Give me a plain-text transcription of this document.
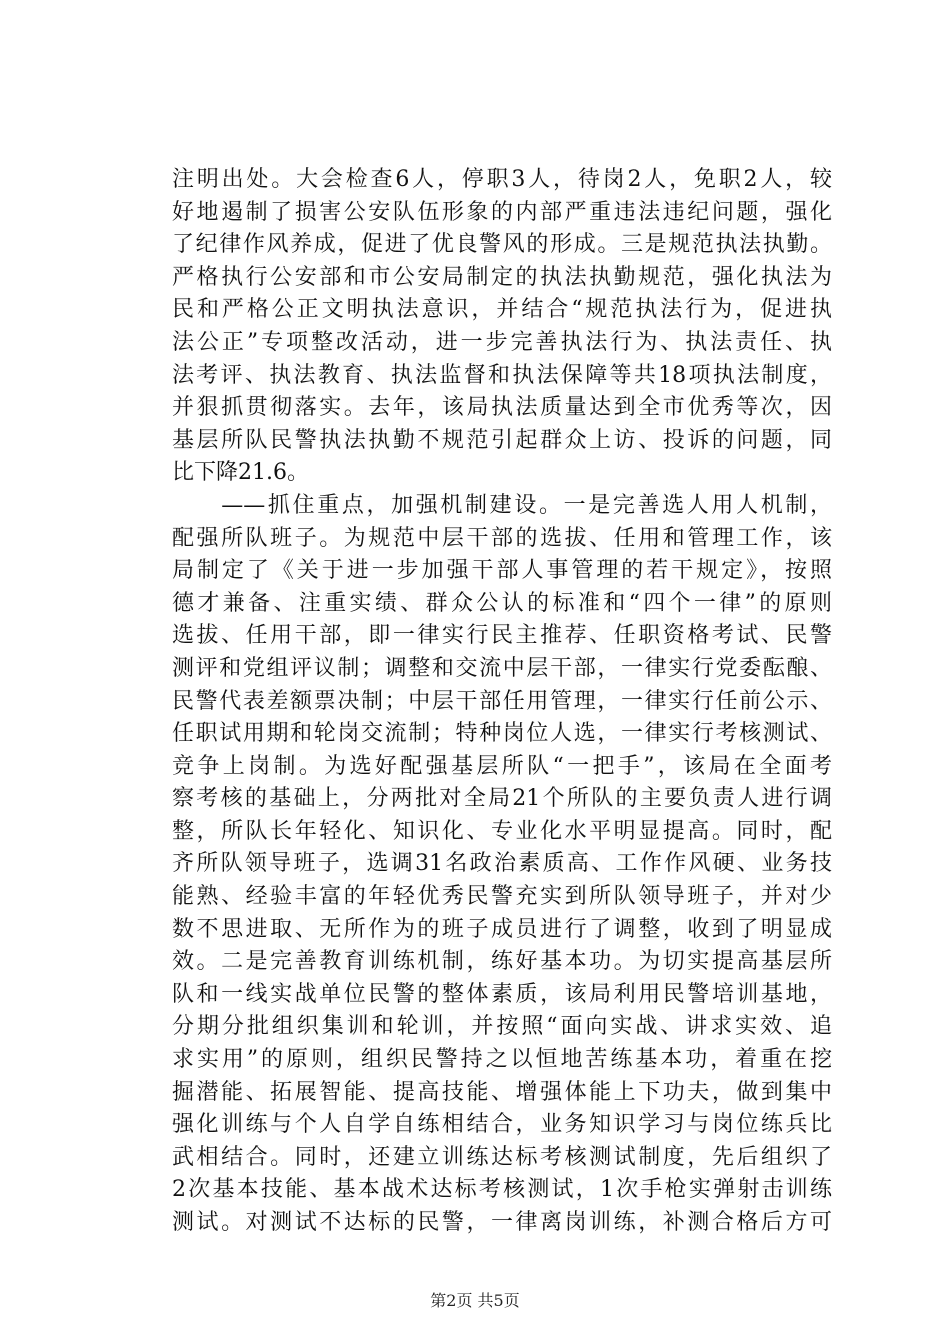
注明出处。大会检查6人，停职3人，待岗2人，免职2人，较
好地遏制了损害公安队伍形象的内部严重违法违纪问题，强化
了纪律作风养成，促进了优良警风的形成。三是规范执法执勤。
严格执行公安部和市公安局制定的执法执勤规范，强化执法为
民和严格公正文明执法意识，并结合“规范执法行为，促进执
法公正”专项整改活动，进一步完善执法行为、执法责任、执
法考评、执法教育、执法监督和执法保障等共18项执法制度，
并狠抓贯彻落实。去年，该局执法质量达到全市优秀等次，因
基层所队民警执法执勤不规范引起群众上访、投诉的问题，同
比下降21.6。
　　——抓住重点，加强机制建设。一是完善选人用人机制，
配强所队班子。为规范中层干部的选拔、任用和管理工作，该
局制定了《关于进一步加强干部人事管理的若干规定》，按照
德才兼备、注重实绩、群众公认的标准和“四个一律”的原则
选拔、任用干部，即一律实行民主推荐、任职资格考试、民警
测评和党组评议制；调整和交流中层干部，一律实行党委酝酿、
民警代表差额票决制；中层干部任用管理，一律实行任前公示、
任职试用期和轮岗交流制；特种岗位人选，一律实行考核测试、
竞争上岗制。为选好配强基层所队“一把手”，该局在全面考
察考核的基础上，分两批对全局21个所队的主要负责人进行调
整，所队长年轻化、知识化、专业化水平明显提高。同时，配
齐所队领导班子，选调31名政治素质高、工作作风硬、业务技
能熟、经验丰富的年轻优秀民警充实到所队领导班子，并对少
数不思进取、无所作为的班子成员进行了调整，收到了明显成
效。二是完善教育训练机制，练好基本功。为切实提高基层所
队和一线实战单位民警的整体素质，该局利用民警培训基地，
分期分批组织集训和轮训，并按照“面向实战、讲求实效、追
求实用”的原则，组织民警持之以恒地苦练基本功，着重在挖
掘潜能、拓展智能、提高技能、增强体能上下功夫，做到集中
强化训练与个人自学自练相结合，业务知识学习与岗位练兵比
武相结合。同时，还建立训练达标考核测试制度，先后组织了
2次基本技能、基本战术达标考核测试，1次手枪实弹射击训练
测试。对测试不达标的民警，一律离岗训练，补测合格后方可
第2页 共5页
